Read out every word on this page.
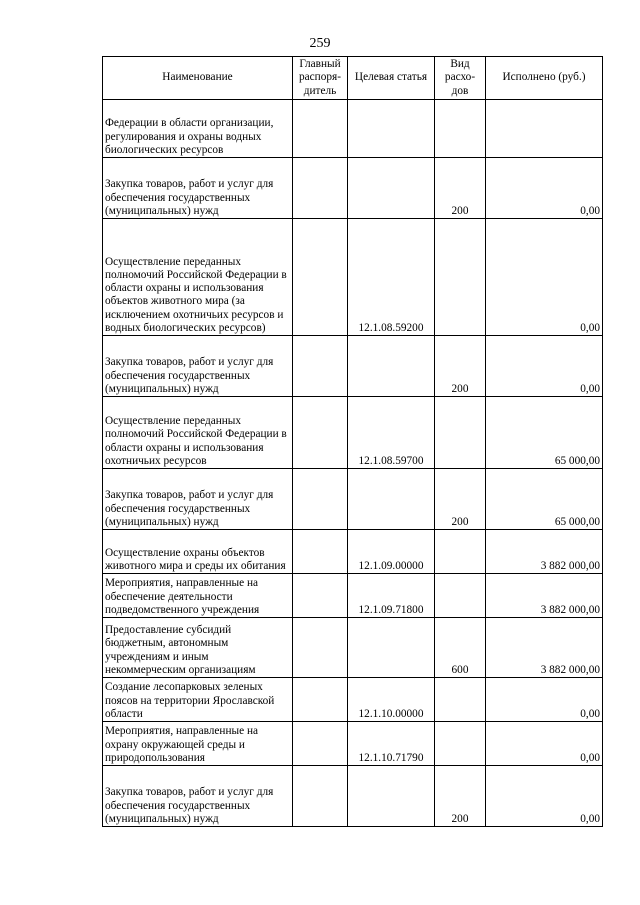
259
Наименование	Главный распоря-дитель	Целевая статья	Вид расхо-дов	Исполнено (руб.)
Федерации в области организации, регулирования и охраны водных биологических ресурсов				
Закупка товаров, работ и услуг для обеспечения государственных (муниципальных) нужд			200	0,00
Осуществление переданных полномочий Российской Федерации в области охраны и использования объектов животного мира (за исключением охотничьих ресурсов и водных биологических ресурсов)		12.1.08.59200		0,00
Закупка товаров, работ и услуг для обеспечения государственных (муниципальных) нужд			200	0,00
Осуществление переданных полномочий Российской Федерации в области охраны и использования охотничьих ресурсов		12.1.08.59700		65 000,00
Закупка товаров, работ и услуг для обеспечения государственных (муниципальных) нужд			200	65 000,00
Осуществление охраны объектов животного мира и среды их обитания		12.1.09.00000		3 882 000,00
Мероприятия, направленные на обеспечение деятельности подведомственного учреждения		12.1.09.71800		3 882 000,00
Предоставление субсидий бюджетным, автономным учреждениям и иным некоммерческим организациям			600	3 882 000,00
Создание лесопарковых зеленых поясов на территории Ярославской области		12.1.10.00000		0,00
Мероприятия, направленные на охрану окружающей среды и природопользования		12.1.10.71790		0,00
Закупка товаров, работ и услуг для обеспечения государственных (муниципальных) нужд			200	0,00
